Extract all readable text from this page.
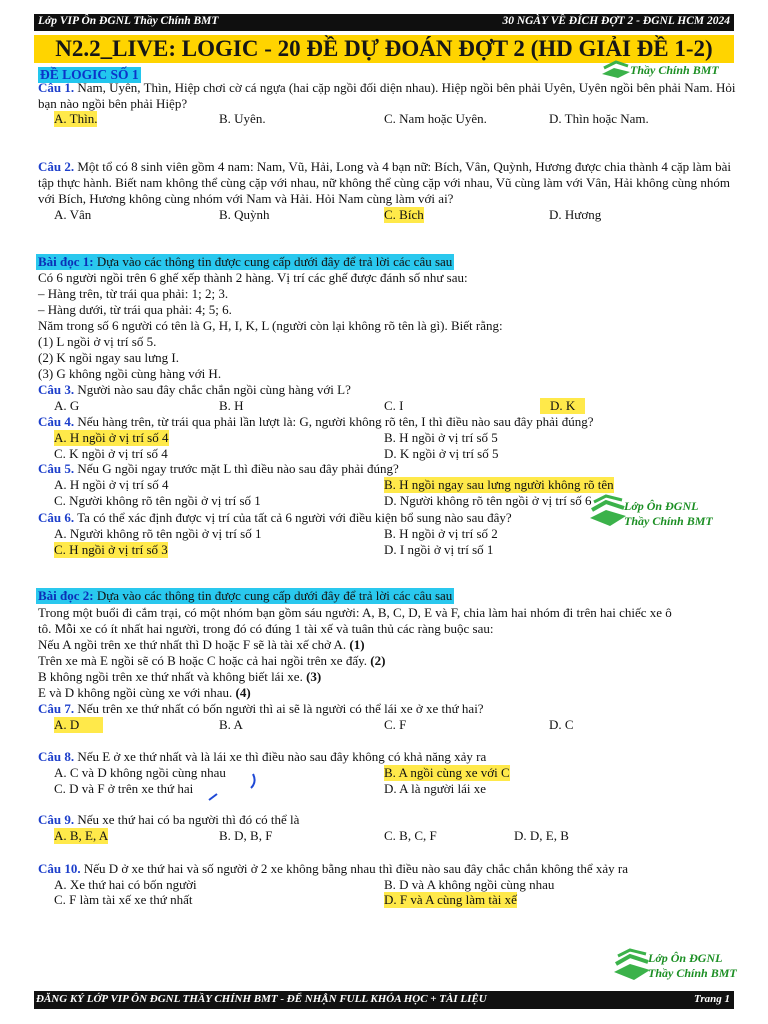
Lớp VIP Ôn ĐGNL Thầy Chính BMT	30 NGÀY VỀ ĐÍCH ĐỢT 2 - ĐGNL HCM 2024
N2.2_LIVE: LOGIC - 20 ĐỀ DỰ ĐOÁN ĐỢT 2 (HD GIẢI ĐỀ 1-2)
ĐỀ LOGIC SỐ 1	Thầy Chính BMT
Câu 1. Nam, Uyên, Thìn, Hiệp chơi cờ cá ngựa (hai cặp ngồi đối diện nhau). Hiệp ngồi bên phải Uyên, Uyên ngồi bên phải Nam. Hỏi bạn nào ngồi bên phải Hiệp?
A. Thìn.	B. Uyên.	C. Nam hoặc Uyên.	D. Thìn hoặc Nam.
Câu 2. Một tổ có 8 sinh viên gồm 4 nam: Nam, Vũ, Hải, Long và 4 bạn nữ: Bích, Vân, Quỳnh, Hương được chia thành 4 cặp làm bài tập thực hành. Biết nam không thể cùng cặp với nhau, nữ không thể cùng cặp với nhau, Vũ cùng làm với Vân, Hải không cùng nhóm với Bích, Hương không cùng nhóm với Nam và Hải. Hỏi Nam cùng làm với ai?
A. Vân	B. Quỳnh	C. Bích	D. Hương
Bài đọc 1: Dựa vào các thông tin được cung cấp dưới đây để trả lời các câu sau
Có 6 người ngồi trên 6 ghế xếp thành 2 hàng. Vị trí các ghế được đánh số như sau:
– Hàng trên, từ trái qua phải: 1; 2; 3.
– Hàng dưới, từ trái qua phải: 4; 5; 6.
Năm trong số 6 người có tên là G, H, I, K, L (người còn lại không rõ tên là gì). Biết rằng:
(1) L ngồi ở vị trí số 5.
(2) K ngồi ngay sau lưng I.
(3) G không ngồi cùng hàng với H.
Câu 3. Người nào sau đây chắc chắn ngồi cùng hàng với L?
A. G	B. H	C. I	D. K
Câu 4. Nếu hàng trên, từ trái qua phải lần lượt là: G, người không rõ tên, I thì điều nào sau đây phải đúng?
A. H ngồi ở vị trí số 4	B. H ngồi ở vị trí số 5
C. K ngồi ở vị trí số 4	D. K ngồi ở vị trí số 5
Câu 5. Nếu G ngồi ngay trước mặt L thì điều nào sau đây phải đúng?
A. H ngồi ở vị trí số 4	B. H ngồi ngay sau lưng người không rõ tên
C. Người không rõ tên ngồi ở vị trí số 1	D. Người không rõ tên ngồi ở vị trí số 6	Lớp Ôn ĐGNL
Thầy Chính BMT
Câu 6. Ta có thể xác định được vị trí của tất cả 6 người với điều kiện bổ sung nào sau đây?
A. Người không rõ tên ngồi ở vị trí số 1	B. H ngồi ở vị trí số 2
C. H ngồi ở vị trí số 3	D. I ngồi ở vị trí số 1
Bài đọc 2: Dựa vào các thông tin được cung cấp dưới đây để trả lời các câu sau
Trong một buổi đi cắm trại, có một nhóm bạn gồm sáu người: A, B, C, D, E và F, chia làm hai nhóm đi trên hai chiếc xe ô
tô. Mỗi xe có ít nhất hai người, trong đó có đúng 1 tài xế và tuân thủ các ràng buộc sau:
Nếu A ngồi trên xe thứ nhất thì D hoặc F sẽ là tài xế chở A. (1)
Trên xe mà E ngồi sẽ có B hoặc C hoặc cả hai ngồi trên xe đấy. (2)
B không ngồi trên xe thứ nhất và không biết lái xe. (3)
E và D không ngồi cùng xe với nhau. (4)
Câu 7. Nếu trên xe thứ nhất có bốn người thì ai sẽ là người có thể lái xe ở xe thứ hai?
A. D	B. A	C. F	D. C
Câu 8. Nếu E ở xe thứ nhất và là lái xe thì điều nào sau đây không có khả năng xảy ra
A. C và D không ngồi cùng nhau	B. A ngồi cùng xe với C
C. D và F ở trên xe thứ hai	D. A là người lái xe
Câu 9. Nếu xe thứ hai có ba người thì đó có thể là
A. B, E, A	B. D, B, F	C. B, C, F	D. D, E, B
Câu 10. Nếu D ở xe thứ hai và số người ở 2 xe không bằng nhau thì điều nào sau đây chắc chắn không thể xảy ra
A. Xe thứ hai có bốn người	B. D và A không ngồi cùng nhau
C. F làm tài xế xe thứ nhất	D. F và A cùng làm tài xế
Lớp Ôn ĐGNL
Thầy Chính BMT
ĐĂNG KÝ LỚP VIP ÔN ĐGNL THẦY CHÍNH BMT - ĐỂ NHẬN FULL KHÓA HỌC + TÀI LIỆU	Trang 1
